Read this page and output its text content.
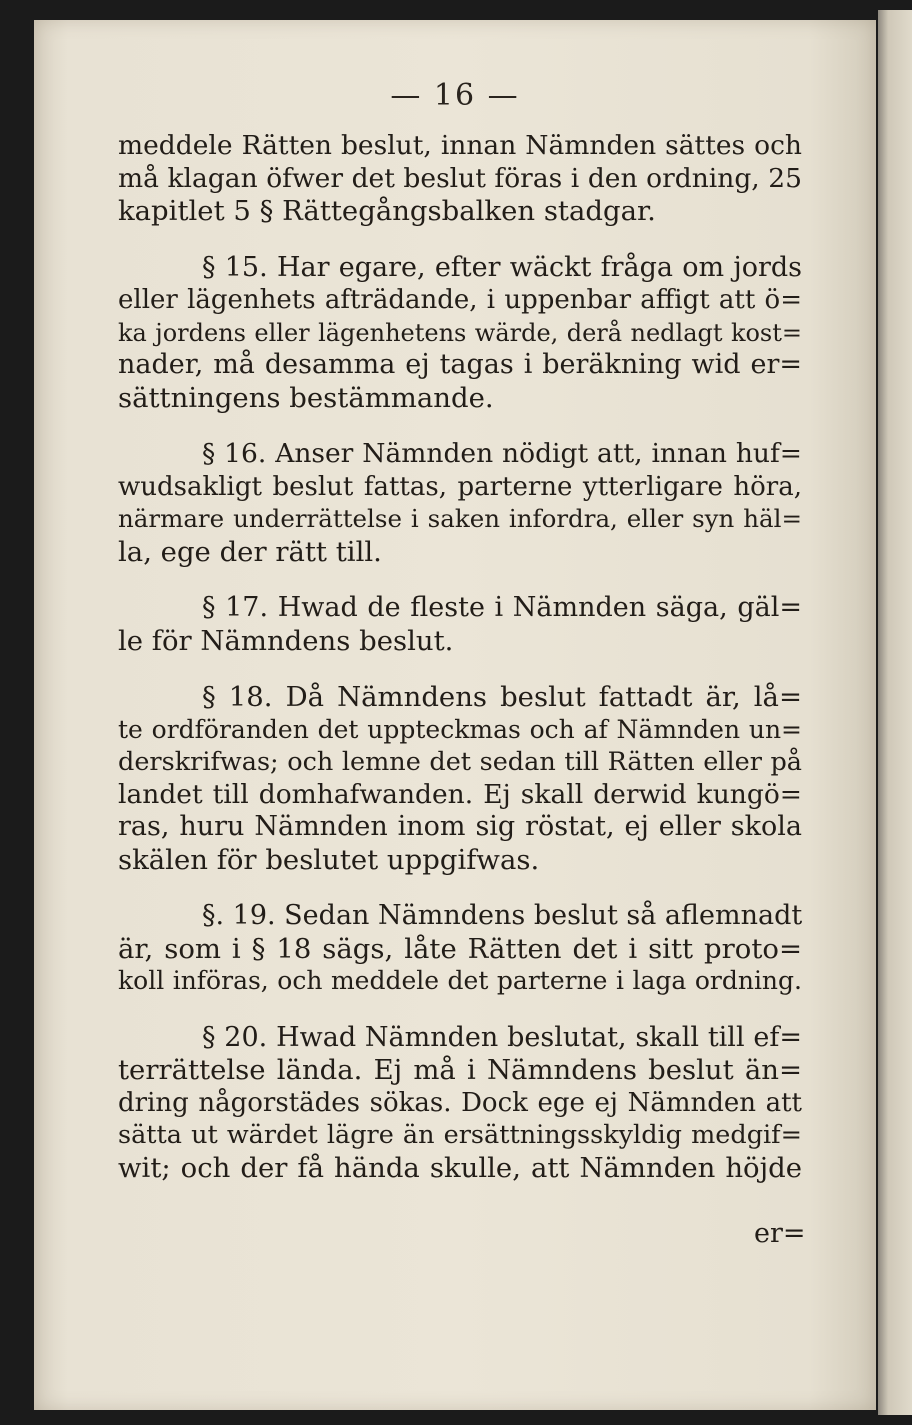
— 16 —
meddele Rätten beslut, innan Nämnden sättes och
må klagan öfwer det beslut föras i den ordning, 25
kapitlet 5 § Rättegångsbalken stadgar.
§ 15. Har egare, efter wäckt fråga om jords
eller lägenhets afträdande, i uppenbar affigt att ö=
ka jordens eller lägenhetens wärde, derå nedlagt kost=
nader, må desamma ej tagas i beräkning wid er=
sättningens bestämmande.
§ 16. Anser Nämnden nödigt att, innan huf=
wudsakligt beslut fattas, parterne ytterligare höra,
närmare underrättelse i saken infordra, eller syn häl=
la, ege der rätt till.
§ 17. Hwad de fleste i Nämnden säga, gäl=
le för Nämndens beslut.
§ 18. Då Nämndens beslut fattadt är, lå=
te ordföranden det uppteckmas och af Nämnden un=
derskrifwas; och lemne det sedan till Rätten eller på
landet till domhafwanden. Ej skall derwid kungö=
ras, huru Nämnden inom sig röstat, ej eller skola
skälen för beslutet uppgifwas.
§. 19. Sedan Nämndens beslut så aflemnadt
är, som i § 18 sägs, låte Rätten det i sitt proto=
koll införas, och meddele det parterne i laga ordning.
§ 20. Hwad Nämnden beslutat, skall till ef=
terrättelse lända. Ej må i Nämndens beslut än=
dring någorstädes sökas. Dock ege ej Nämnden att
sätta ut wärdet lägre än ersättningsskyldig medgif=
wit; och der få hända skulle, att Nämnden höjde
er=
